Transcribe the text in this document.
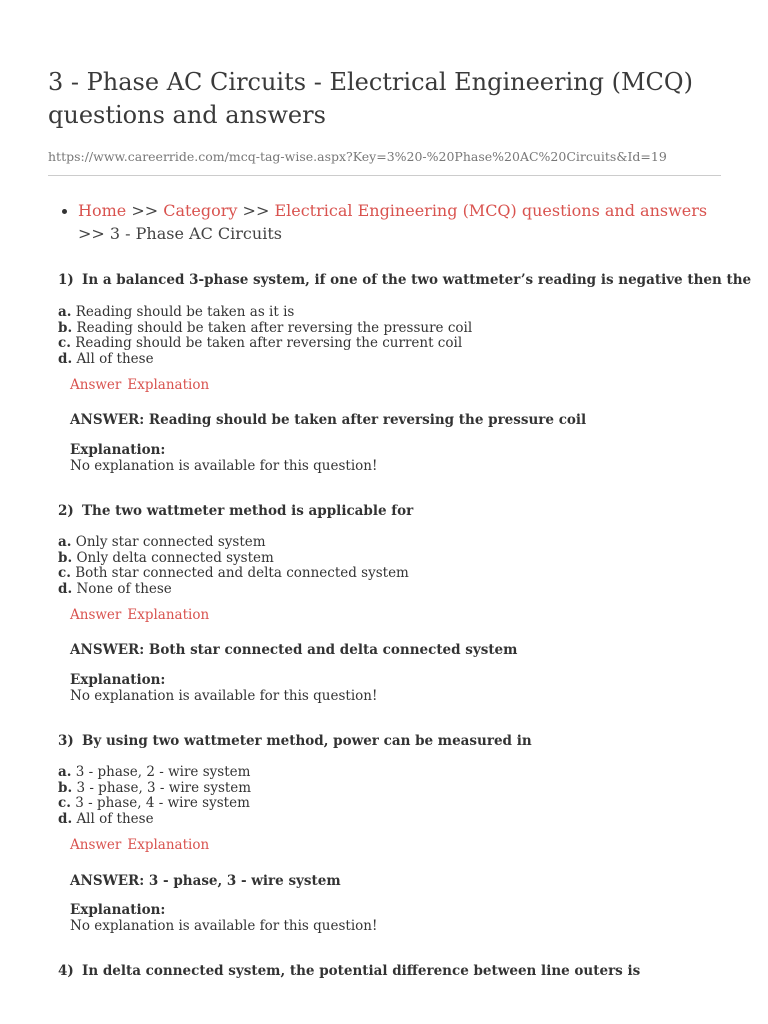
3 - Phase AC Circuits - Electrical Engineering (MCQ) questions and answers
https://www.careerride.com/mcq-tag-wise.aspx?Key=3%20-%20Phase%20AC%20Circuits&Id=19
Home >> Category >> Electrical Engineering (MCQ) questions and answers >> 3 - Phase AC Circuits
1) In a balanced 3-phase system, if one of the two wattmeter’s reading is negative then the
a. Reading should be taken as it is
b. Reading should be taken after reversing the pressure coil
c. Reading should be taken after reversing the current coil
d. All of these
Answer Explanation
ANSWER: Reading should be taken after reversing the pressure coil
Explanation:
No explanation is available for this question!
2) The two wattmeter method is applicable for
a. Only star connected system
b. Only delta connected system
c. Both star connected and delta connected system
d. None of these
Answer Explanation
ANSWER: Both star connected and delta connected system
Explanation:
No explanation is available for this question!
3) By using two wattmeter method, power can be measured in
a. 3 - phase, 2 - wire system
b. 3 - phase, 3 - wire system
c. 3 - phase, 4 - wire system
d. All of these
Answer Explanation
ANSWER: 3 - phase, 3 - wire system
Explanation:
No explanation is available for this question!
4) In delta connected system, the potential difference between line outers is
